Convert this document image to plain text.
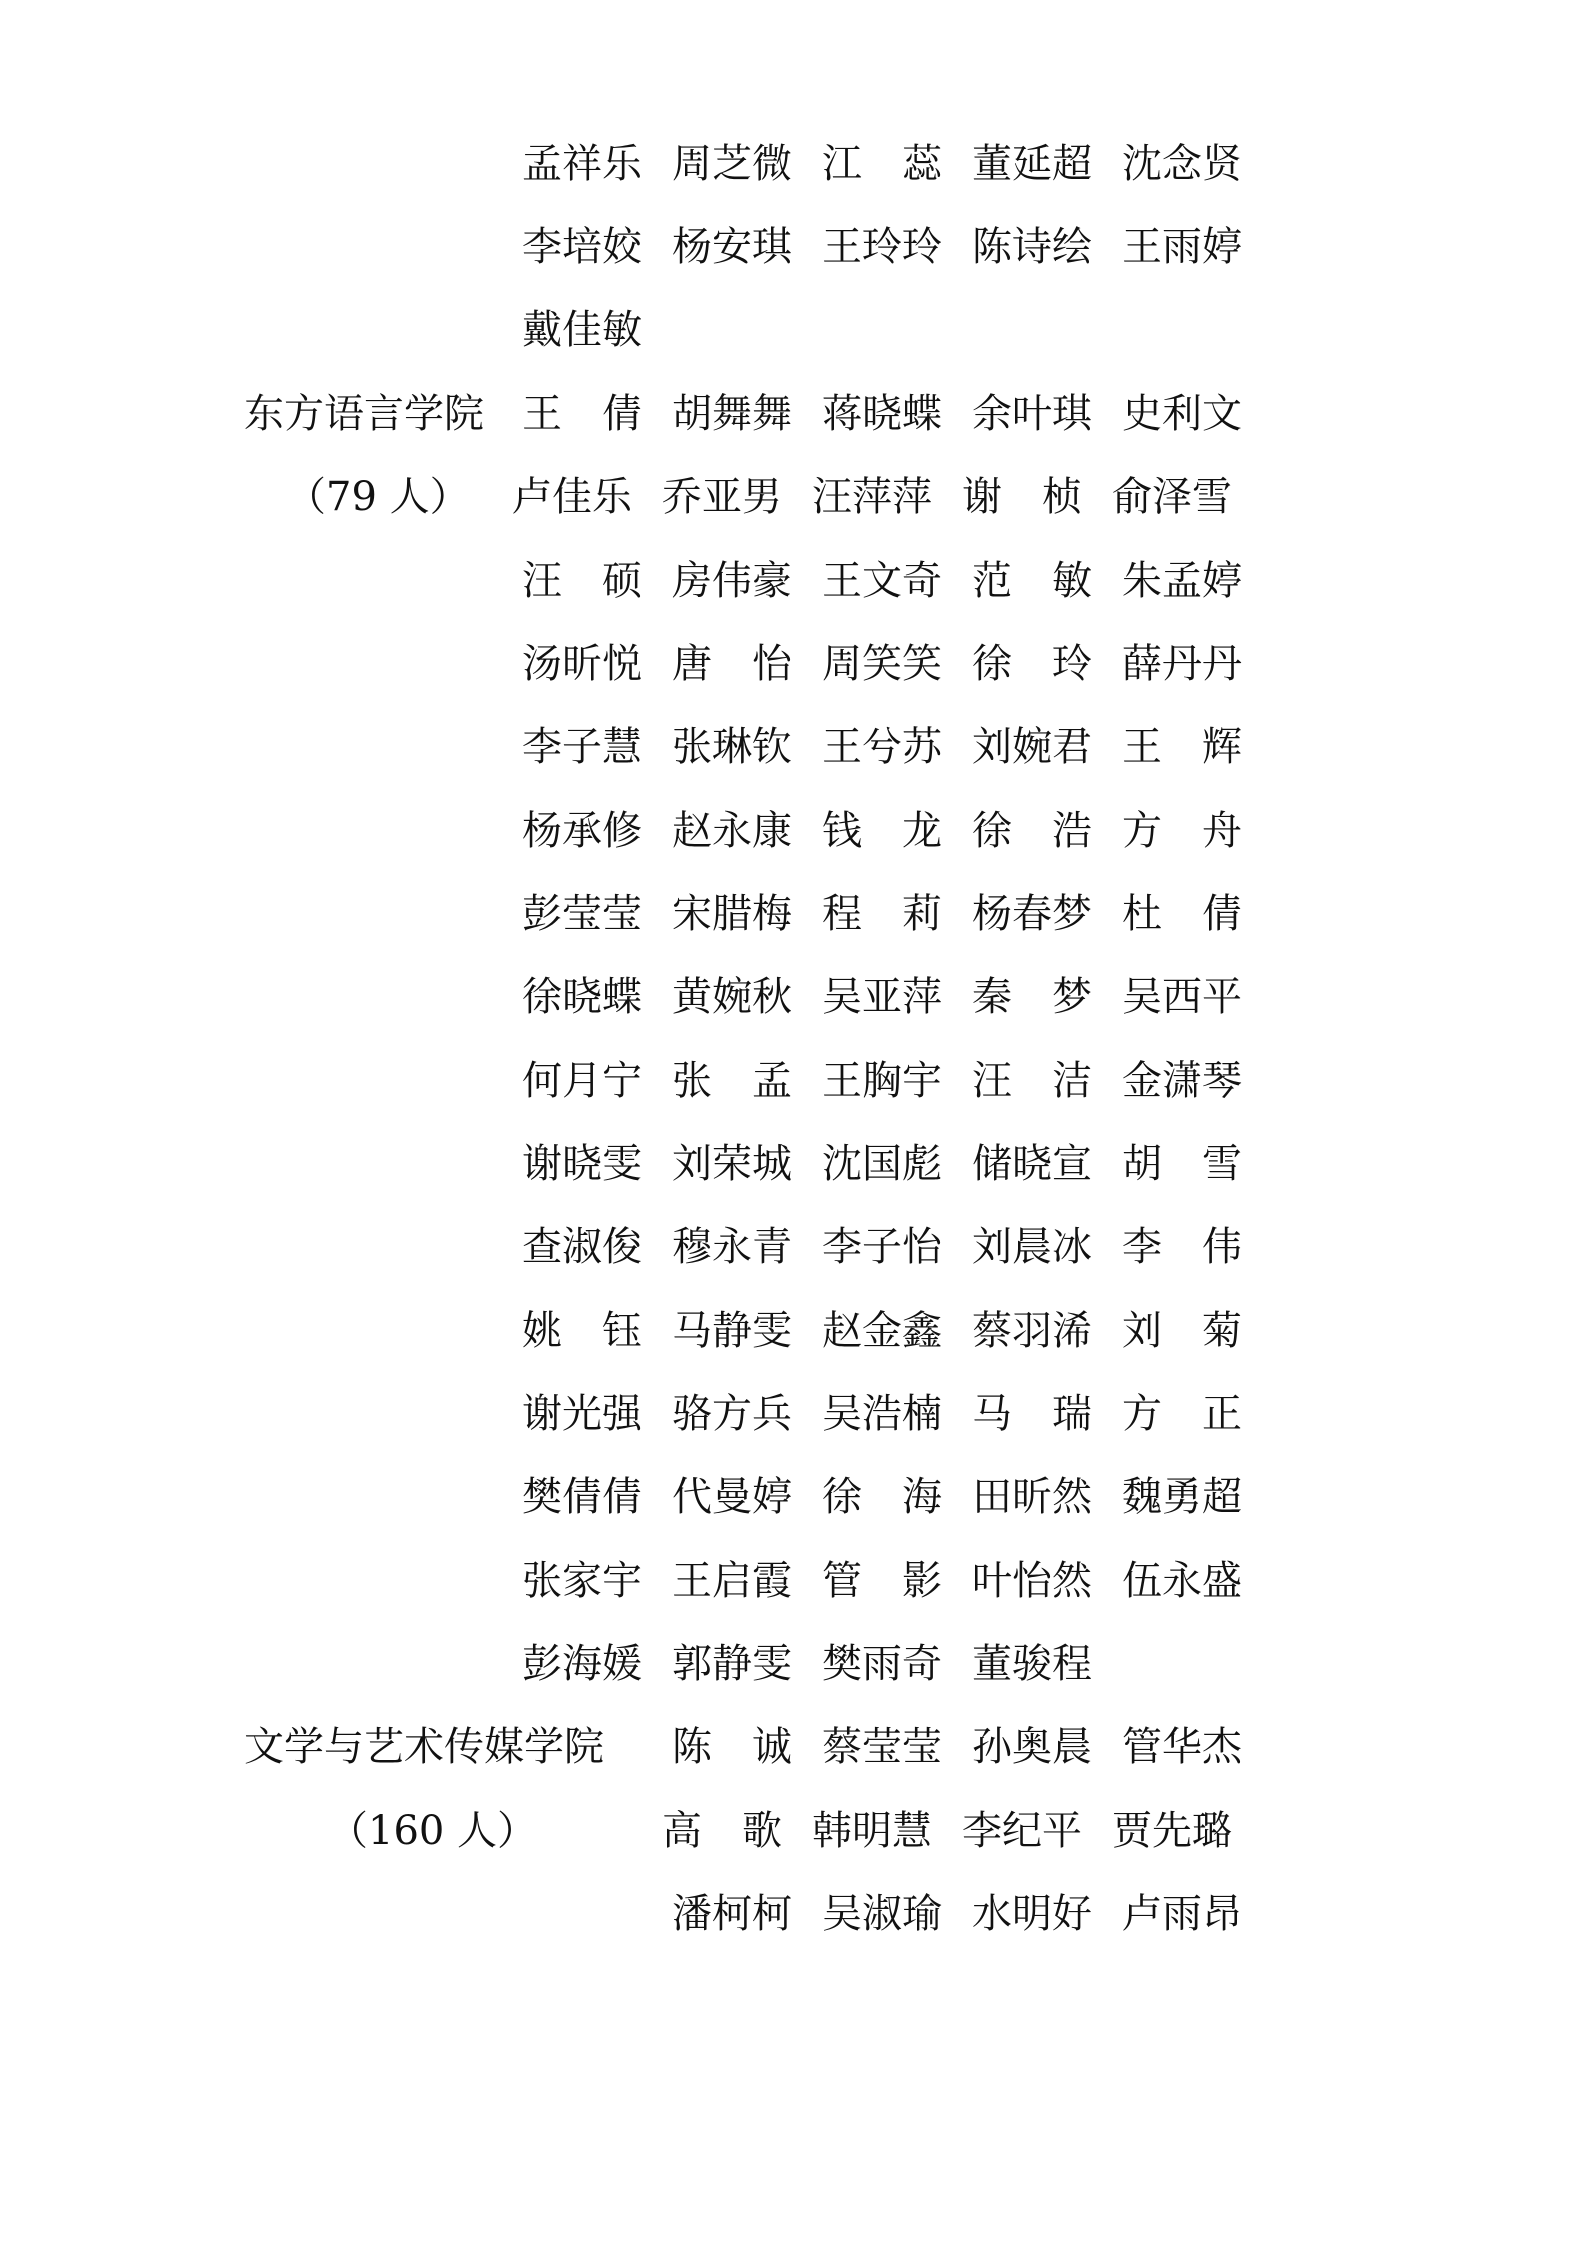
孟祥乐 周芝微 江　蕊 董延超 沈念贤
李培姣 杨安琪 王玲玲 陈诗绘 王雨婷
戴佳敏
东方语言学院
（79 人）
王　倩 胡舞舞 蒋晓蝶 余叶琪 史利文
卢佳乐 乔亚男 汪萍萍 谢　桢 俞泽雪
汪　硕 房伟豪 王文奇 范　敏 朱孟婷
汤昕悦 唐　怡 周笑笑 徐　玲 薛丹丹
李子慧 张琳钦 王兮苏 刘婉君 王　辉
杨承修 赵永康 钱　龙 徐　浩 方　舟
彭莹莹 宋腊梅 程　莉 杨春梦 杜　倩
徐晓蝶 黄婉秋 吴亚萍 秦　梦 吴西平
何月宁 张　孟 王胸宇 汪　洁 金潇琴
谢晓雯 刘荣城 沈国彪 储晓宣 胡　雪
查淑俊 穆永青 李子怡 刘晨冰 李　伟
姚　钰 马静雯 赵金鑫 蔡羽浠 刘　菊
谢光强 骆方兵 吴浩楠 马　瑞 方　正
樊倩倩 代曼婷 徐　海 田昕然 魏勇超
张家宇 王启霞 管　影 叶怡然 伍永盛
彭海媛 郭静雯 樊雨奇 董骏程
文学与艺术传媒学院
（160 人）
陈　诚 蔡莹莹 孙奥晨 管华杰
高　歌 韩明慧 李纪平 贾先璐
潘柯柯 吴淑瑜 水明好 卢雨昂
